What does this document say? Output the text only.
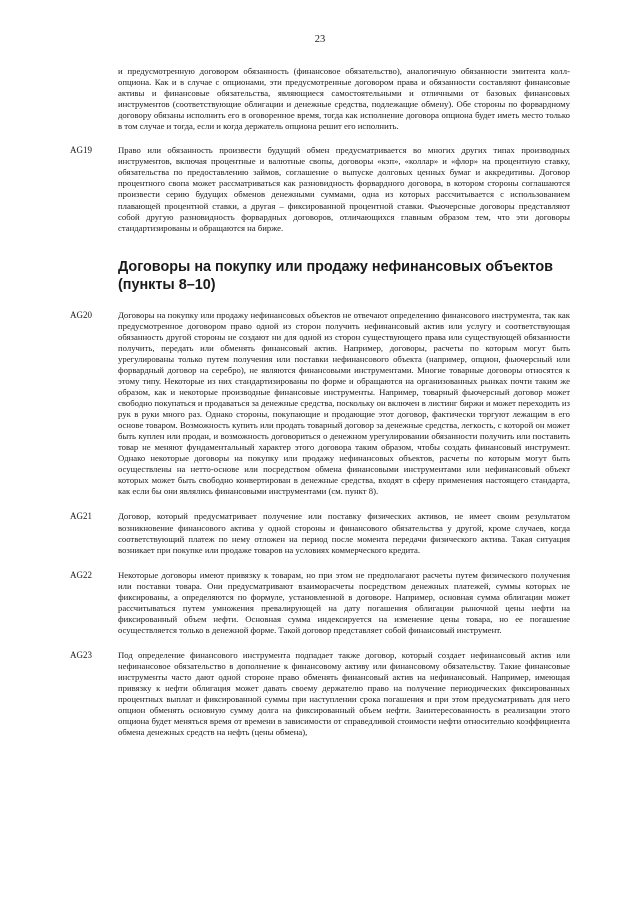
23
и предусмотренную договором обязанность (финансовое обязательство), аналогичную обязанности эмитента колл-опциона. Как и в случае с опционами, эти предусмотренные договором права и обязанности составляют финансовые активы и финансовые обязательства, являющиеся самостоятельными и отличными от базовых финансовых инструментов (соответствующие облигации и денежные средства, подлежащие обмену). Обе стороны по форвардному договору обязаны исполнить его в оговоренное время, тогда как исполнение договора опциона будет иметь место только в том случае и тогда, если и когда держатель опциона решит его исполнить.
AG19	Право или обязанность произвести будущий обмен предусматривается во многих других типах производных инструментов, включая процентные и валютные свопы, договоры «кэп», «коллар» и «флор» на процентную ставку, обязательства по предоставлению займов, соглашение о выпуске долговых ценных бумаг и аккредитивы. Договор процентного свопа может рассматриваться как разновидность форвардного договора, в котором стороны соглашаются произвести серию будущих обменов денежными суммами, одна из которых рассчитывается с использованием плавающей процентной ставки, а другая – фиксированной процентной ставки. Фьючерсные договоры представляют собой другую разновидность форвардных договоров, отличающихся главным образом тем, что эти договоры стандартизированы и обращаются на бирже.
Договоры на покупку или продажу нефинансовых объектов (пункты 8–10)
AG20	Договоры на покупку или продажу нефинансовых объектов не отвечают определению финансового инструмента, так как предусмотренное договором право одной из сторон получить нефинансовый актив или услугу и соответствующая обязанность другой стороны не создают ни для одной из сторон существующего права или существующей обязанности получить, передать или обменять финансовый актив. Например, договоры, расчеты по которым могут быть урегулированы только путем получения или поставки нефинансового объекта (например, опцион, фьючерсный или форвардный договор на серебро), не являются финансовыми инструментами. Многие товарные договоры относятся к этому типу. Некоторые из них стандартизированы по форме и обращаются на организованных рынках почти таким же образом, как и некоторые производные финансовые инструменты. Например, товарный фьючерсный договор может свободно покупаться и продаваться за денежные средства, поскольку он включен в листинг биржи и может переходить из рук в руки много раз. Однако стороны, покупающие и продающие этот договор, фактически торгуют лежащим в его основе товаром. Возможность купить или продать товарный договор за денежные средства, легкость, с которой он может быть куплен или продан, и возможность договориться о денежном урегулировании обязанности получить или поставить товар не меняют фундаментальный характер этого договора таким образом, чтобы создать финансовый инструмент. Однако некоторые договоры на покупку или продажу нефинансовых объектов, расчеты по которым могут быть осуществлены на нетто-основе или посредством обмена финансовыми инструментами или нефинансовый объект которых может быть свободно конвертирован в денежные средства, входят в сферу применения настоящего стандарта, как если бы они являлись финансовыми инструментами (см. пункт 8).
AG21	Договор, который предусматривает получение или поставку физических активов, не имеет своим результатом возникновение финансового актива у одной стороны и финансового обязательства у другой, кроме случаев, когда соответствующий платеж по нему отложен на период после момента передачи физического актива. Такая ситуация возникает при покупке или продаже товаров на условиях коммерческого кредита.
AG22	Некоторые договоры имеют привязку к товарам, но при этом не предполагают расчеты путем физического получения или поставки товара. Они предусматривают взаиморасчеты посредством денежных платежей, суммы которых не фиксированы, а определяются по формуле, установленной в договоре. Например, основная сумма облигации может рассчитываться путем умножения превалирующей на дату погашения облигации рыночной цены нефти на фиксированный объем нефти. Основная сумма индексируется на изменение цены товара, но ее погашение осуществляется только в денежной форме. Такой договор представляет собой финансовый инструмент.
AG23	Под определение финансового инструмента подпадает также договор, который создает нефинансовый актив или нефинансовое обязательство в дополнение к финансовому активу или финансовому обязательству. Такие финансовые инструменты часто дают одной стороне право обменять финансовый актив на нефинансовый. Например, имеющая привязку к нефти облигация может давать своему держателю право на получение периодических фиксированных процентных выплат и фиксированной суммы при наступлении срока погашения и при этом предусматривать для него опцион обменять основную сумму долга на фиксированный объем нефти. Заинтересованность в реализации этого опциона будет меняться время от времени в зависимости от справедливой стоимости нефти относительно коэффициента обмена денежных средств на нефть (цены обмена),
